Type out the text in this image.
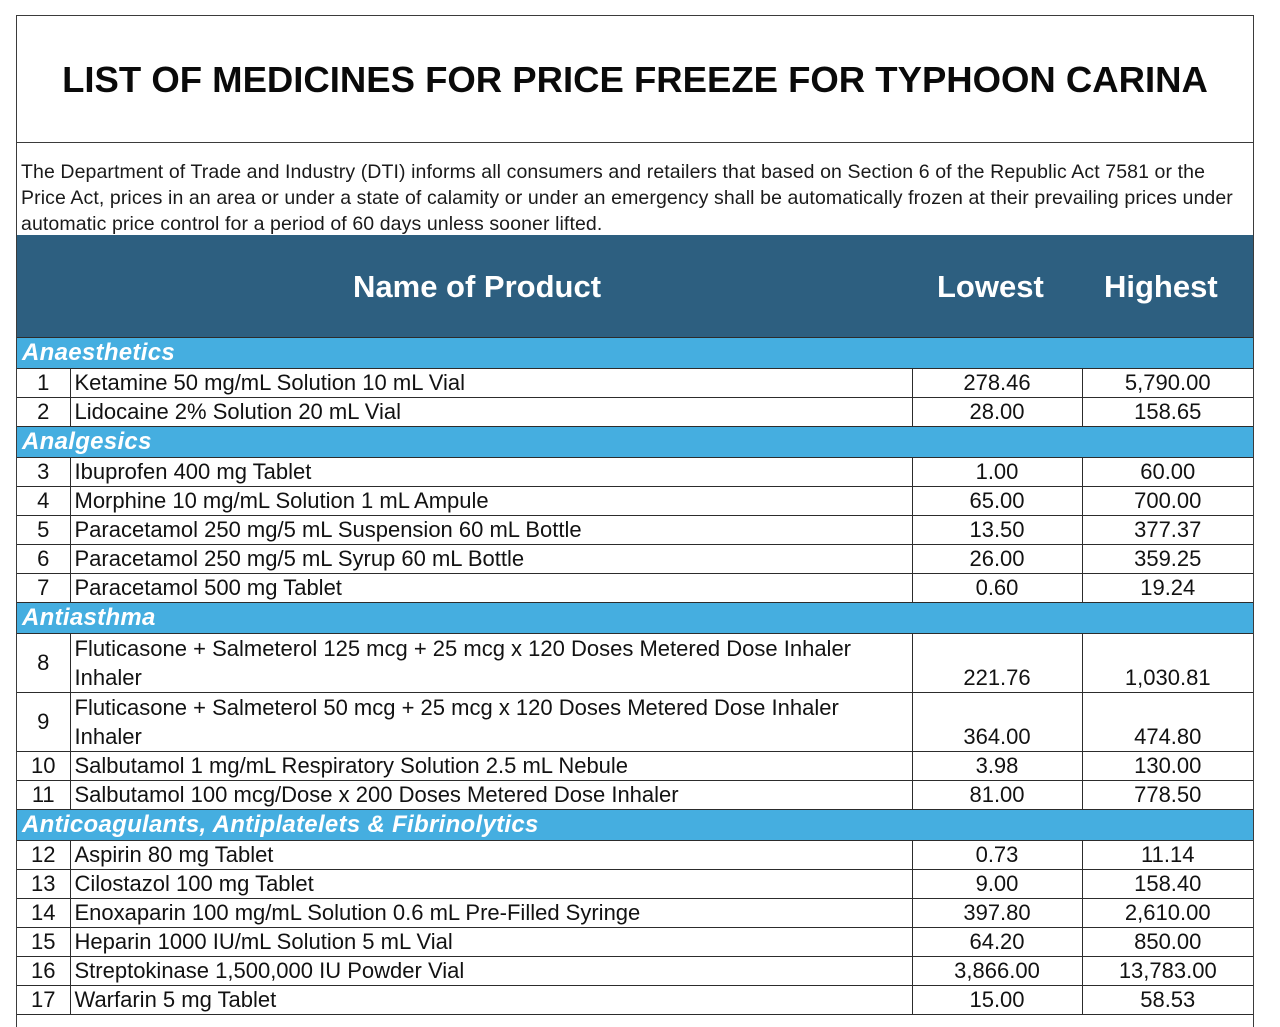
LIST OF MEDICINES FOR PRICE FREEZE FOR TYPHOON CARINA
The Department of Trade and Industry (DTI) informs all consumers and retailers that based on Section 6 of the Republic Act 7581 or the Price Act, prices in an area or under a state of calamity or under an emergency shall be automatically frozen at their prevailing prices under automatic price control for a period of 60 days unless sooner lifted.
Name of Product	Lowest Highest
Anaesthetics			
1	Ketamine 50 mg/mL Solution 10 mL Vial	278.46	5,790.00
2	Lidocaine 2% Solution 20 mL Vial	28.00	158.65
Analgesics			
3	Ibuprofen 400 mg Tablet	1.00	60.00
4	Morphine 10 mg/mL Solution 1 mL Ampule	65.00	700.00
5	Paracetamol 250 mg/5 mL Suspension 60 mL Bottle	13.50	377.37
6	Paracetamol 250 mg/5 mL Syrup 60 mL Bottle	26.00	359.25
7	Paracetamol 500 mg Tablet	0.60	19.24
Antiasthma			
8	Fluticasone + Salmeterol 125 mcg + 25 mcg x 120 Doses Metered Dose Inhaler Inhaler	221.76	1,030.81
9	Fluticasone + Salmeterol 50 mcg + 25 mcg x 120 Doses Metered Dose Inhaler Inhaler	364.00	474.80
10	Salbutamol 1 mg/mL Respiratory Solution 2.5 mL Nebule	3.98	130.00
11	Salbutamol 100 mcg/Dose x 200 Doses Metered Dose Inhaler	81.00	778.50
Anticoagulants, Antiplatelets & Fibrinolytics			
12	Aspirin 80 mg Tablet	0.73	11.14
13	Cilostazol 100 mg Tablet	9.00	158.40
14	Enoxaparin 100 mg/mL Solution 0.6 mL Pre-Filled Syringe	397.80	2,610.00
15	Heparin 1000 IU/mL Solution 5 mL Vial	64.20	850.00
16	Streptokinase 1,500,000 IU Powder Vial	3,866.00	13,783.00
17	Warfarin 5 mg Tablet	15.00	58.53
